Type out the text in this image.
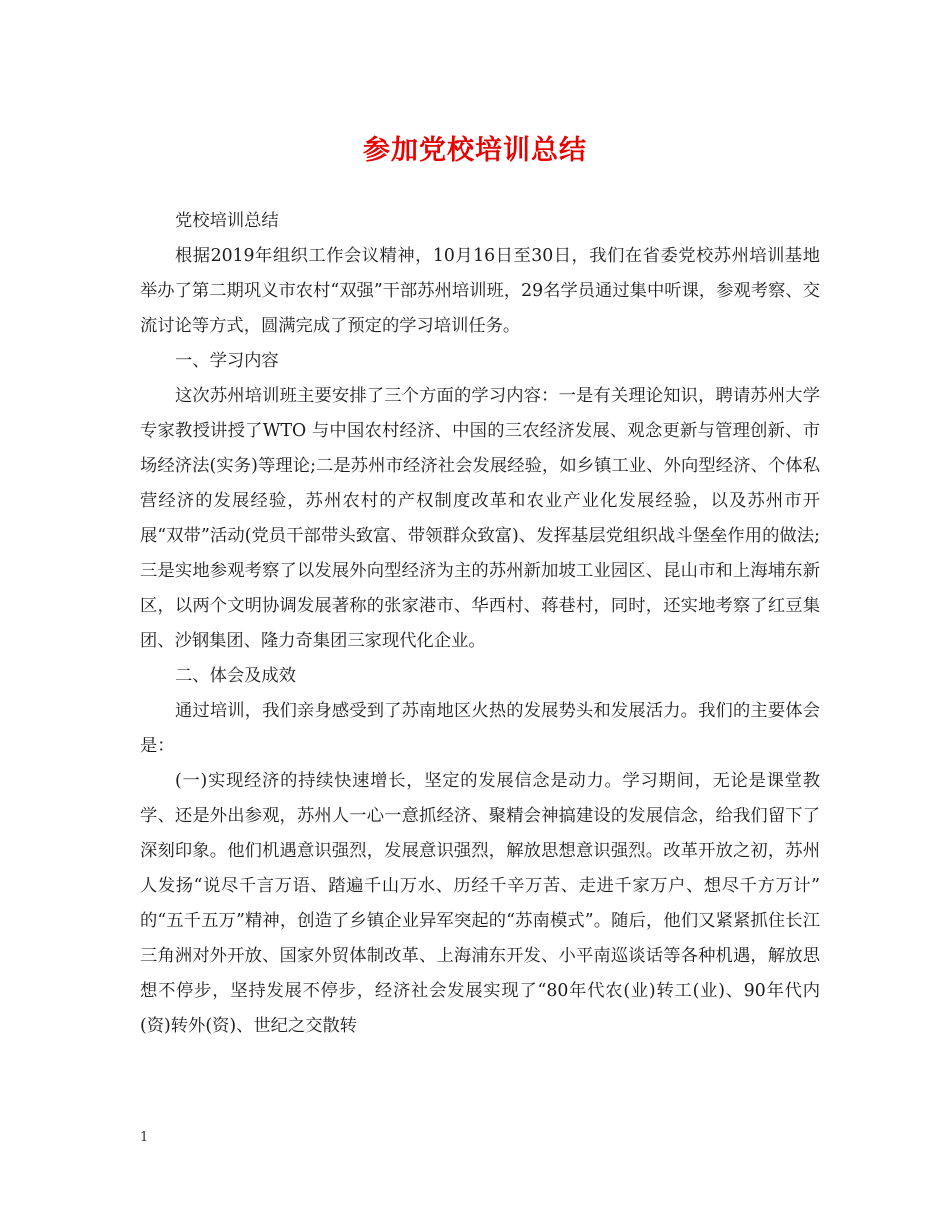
参加党校培训总结

党校培训总结

根据2019年组织工作会议精神，10月16日至30日，我们在省委党校苏州培训基地举办了第二期巩义市农村“双强”干部苏州培训班，29名学员通过集中听课，参观考察、交流讨论等方式，圆满完成了预定的学习培训任务。

一、学习内容

这次苏州培训班主要安排了三个方面的学习内容：一是有关理论知识，聘请苏州大学专家教授讲授了WTO 与中国农村经济、中国的三农经济发展、观念更新与管理创新、市场经济法(实务)等理论;二是苏州市经济社会发展经验，如乡镇工业、外向型经济、个体私营经济的发展经验，苏州农村的产权制度改革和农业产业化发展经验，以及苏州市开展“双带”活动(党员干部带头致富、带领群众致富)、发挥基层党组织战斗堡垒作用的做法;三是实地参观考察了以发展外向型经济为主的苏州新加坡工业园区、昆山市和上海埔东新区，以两个文明协调发展著称的张家港市、华西村、蒋巷村，同时，还实地考察了红豆集团、沙钢集团、隆力奇集团三家现代化企业。

二、体会及成效

通过培训，我们亲身感受到了苏南地区火热的发展势头和发展活力。我们的主要体会是：

(一)实现经济的持续快速增长，坚定的发展信念是动力。学习期间，无论是课堂教学、还是外出参观，苏州人一心一意抓经济、聚精会神搞建设的发展信念，给我们留下了深刻印象。他们机遇意识强烈，发展意识强烈，解放思想意识强烈。改革开放之初，苏州人发扬“说尽千言万语、踏遍千山万水、历经千辛万苦、走进千家万户、想尽千方万计” 的“五千五万”精神，创造了乡镇企业异军突起的“苏南模式”。随后，他们又紧紧抓住长江三角洲对外开放、国家外贸体制改革、上海浦东开发、小平南巡谈话等各种机遇，解放思想不停步，坚持发展不停步，经济社会发展实现了“80年代农(业)转工(业)、90年代内(资)转外(资)、世纪之交散转

1
